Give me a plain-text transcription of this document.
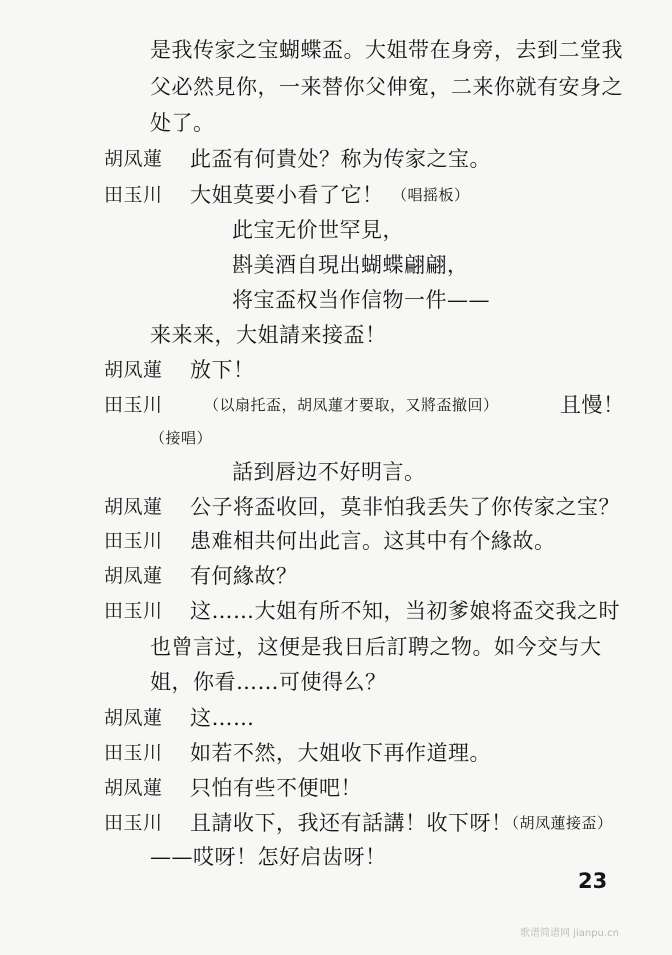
是我传家之宝蝴蝶盃。大姐带在身旁，去到二堂我
父必然見你，一来替你父伸寃，二来你就有安身之
处了。
胡凤蓮 此盃有何貴处？称为传家之宝。
田玉川 大姐莫要小看了它！ （唱摇板）
此宝无价世罕見，
斟美酒自現出蝴蝶翩翩，
将宝盃权当作信物一件——
来来来，大姐請来接盃！
胡凤蓮 放下！
田玉川	（以扇托盃，胡凤蓮才要取，又將盃撤回）	且慢！
（接唱）
話到唇边不好明言。
胡凤蓮 公子将盃收回，莫非怕我丢失了你传家之宝？
田玉川 患难相共何出此言。这其中有个緣故。
胡凤蓮 有何緣故？
田玉川 这……大姐有所不知，当初爹娘将盃交我之时
也曾言过，这便是我日后訂聘之物。如今交与大
姐，你看……可使得么？
胡凤蓮 这……
田玉川 如若不然，大姐收下再作道理。
胡凤蓮 只怕有些不便吧！
田玉川 且請收下，我还有話講！收下呀！
（胡凤蓮接盃）
——哎呀！怎好启齿呀！
23
歌谱简谱网 jianpu.cn
